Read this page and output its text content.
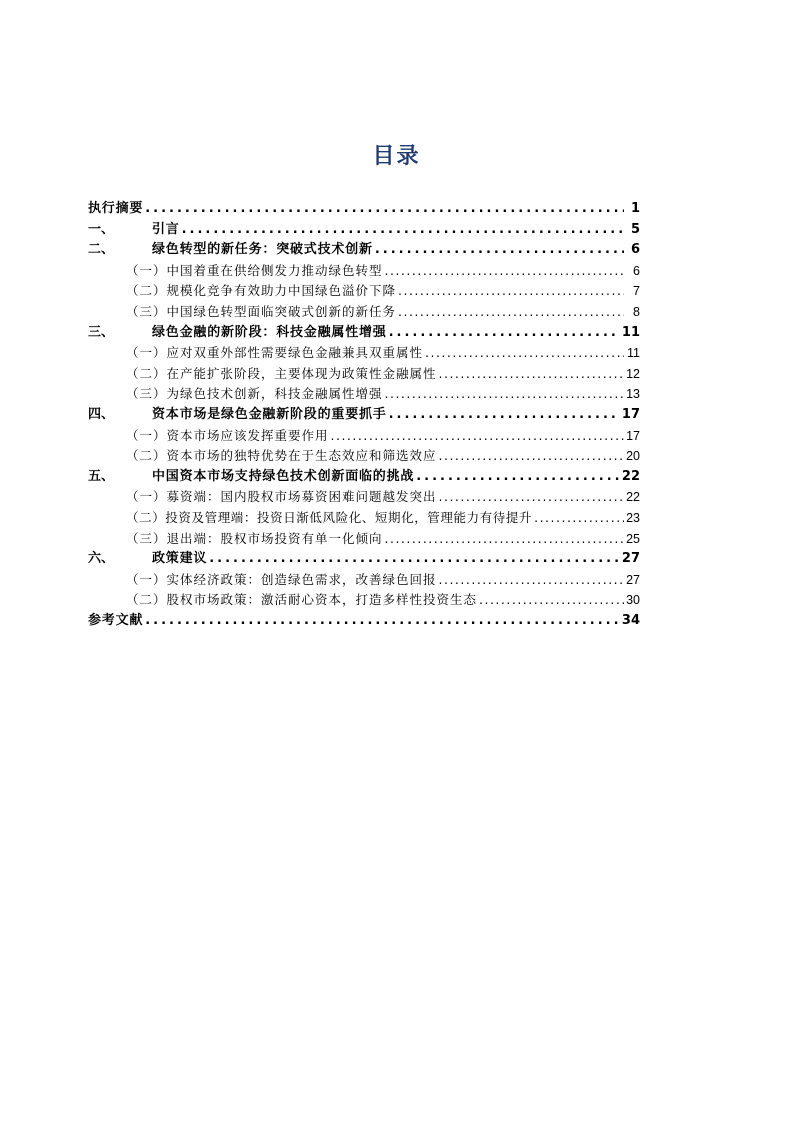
目录
执行摘要 .....	1
一、	引言 .....	5
二、	绿色转型的新任务：突破式技术创新 .....	6
（一）中国着重在供给侧发力推动绿色转型 .....	6
（二）规模化竞争有效助力中国绿色溢价下降 .....	7
（三）中国绿色转型面临突破式创新的新任务 .....	8
三、	绿色金融的新阶段：科技金融属性增强 .....	11
（一）应对双重外部性需要绿色金融兼具双重属性 .....	11
（二）在产能扩张阶段，主要体现为政策性金融属性 .....	12
（三）为绿色技术创新，科技金融属性增强 .....	13
四、	资本市场是绿色金融新阶段的重要抓手 .....	17
（一）资本市场应该发挥重要作用 .....	17
（二）资本市场的独特优势在于生态效应和筛选效应 .....	20
五、	中国资本市场支持绿色技术创新面临的挑战 .....	22
（一）募资端：国内股权市场募资困难问题越发突出 .....	22
（二）投资及管理端：投资日渐低风险化、短期化，管理能力有待提升 .....	23
（三）退出端：股权市场投资有单一化倾向 .....	25
六、	政策建议 .....	27
（一）实体经济政策：创造绿色需求，改善绿色回报 .....	27
（二）股权市场政策：激活耐心资本，打造多样性投资生态 .....	30
参考文献 .....	34
